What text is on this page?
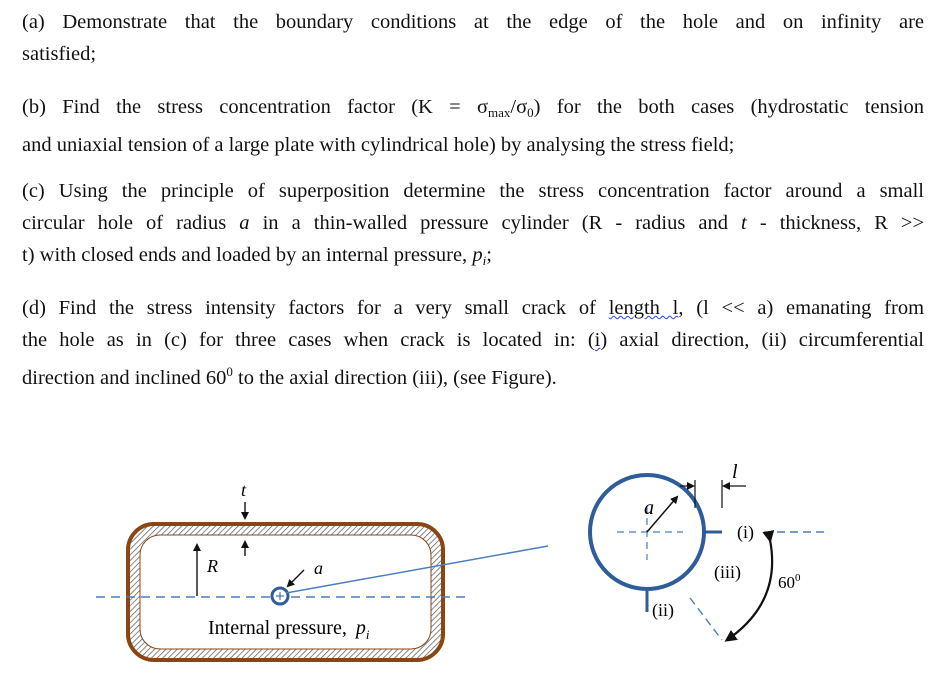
(a) Demonstrate that the boundary conditions at the edge of the hole and on infinity are
satisfied;
(b) Find the stress concentration factor $(K = \sigma_{max}/\sigma_0)$ for the both cases (hydrostatic tension
and uniaxial tension of a large plate with cylindrical hole) by analysing the stress field;
(c) Using the principle of superposition determine the stress concentration factor around a small
circular hole of radius a in a thin-walled pressure cylinder (R - radius and t - thickness, R >>
t) with closed ends and loaded by an internal pressure, $p_i$;
(d) Find the stress intensity factors for a very small crack of length l, (l << a) emanating from
the hole as in (c) for three cases when crack is located in: (i) axial direction, (ii) circumferential
direction and inclined $60^0$ to the axial direction (iii), (see Figure).
t
R	a
Internal pressure, $p_i$
a
(i)
l
(ii)
(iii)
$60^0$
